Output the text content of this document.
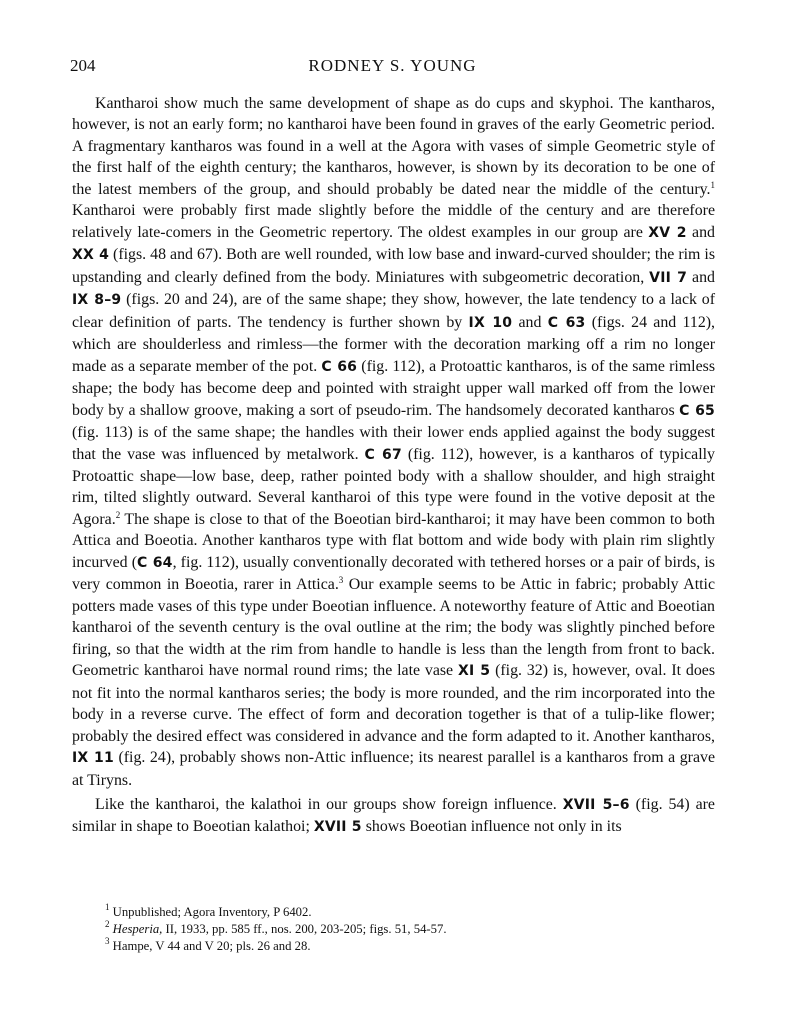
204	RODNEY S. YOUNG

Kantharoi show much the same development of shape as do cups and skyphoi. The kantharos, however, is not an early form; no kantharoi have been found in graves of the early Geometric period. A fragmentary kantharos was found in a well at the Agora with vases of simple Geometric style of the first half of the eighth century; the kantharos, however, is shown by its decoration to be one of the latest members of the group, and should probably be dated near the middle of the century.$^1$ Kantharoi were probably first made slightly before the middle of the century and are therefore relatively late-comers in the Geometric repertory. The oldest examples in our group are XV 2 and XX 4 (figs. 48 and 67). Both are well rounded, with low base and inward-curved shoulder; the rim is upstanding and clearly defined from the body. Miniatures with subgeometric decoration, VII 7 and IX 8–9 (figs. 20 and 24), are of the same shape; they show, however, the late tendency to a lack of clear definition of parts. The tendency is further shown by IX 10 and C 63 (figs. 24 and 112), which are shoulderless and rimless—the former with the decoration marking off a rim no longer made as a separate member of the pot. C 66 (fig. 112), a Protoattic kantharos, is of the same rimless shape; the body has become deep and pointed with straight upper wall marked off from the lower body by a shallow groove, making a sort of pseudo-rim. The handsomely decorated kantharos C 65 (fig. 113) is of the same shape; the handles with their lower ends applied against the body suggest that the vase was influenced by metalwork. C 67 (fig. 112), however, is a kantharos of typically Protoattic shape—low base, deep, rather pointed body with a shallow shoulder, and high straight rim, tilted slightly outward. Several kantharoi of this type were found in the votive deposit at the Agora.$^2$ The shape is close to that of the Boeotian bird-kantharoi; it may have been common to both Attica and Boeotia. Another kantharos type with flat bottom and wide body with plain rim slightly incurved (C 64, fig. 112), usually conventionally decorated with tethered horses or a pair of birds, is very common in Boeotia, rarer in Attica.$^3$ Our example seems to be Attic in fabric; probably Attic potters made vases of this type under Boeotian influence. A noteworthy feature of Attic and Boeotian kantharoi of the seventh century is the oval outline at the rim; the body was slightly pinched before firing, so that the width at the rim from handle to handle is less than the length from front to back. Geometric kantharoi have normal round rims; the late vase XI 5 (fig. 32) is, however, oval. It does not fit into the normal kantharos series; the body is more rounded, and the rim incorporated into the body in a reverse curve. The effect of form and decoration together is that of a tulip-like flower; probably the desired effect was considered in advance and the form adapted to it. Another kantharos, IX 11 (fig. 24), probably shows non-Attic influence; its nearest parallel is a kantharos from a grave at Tiryns.

Like the kantharoi, the kalathoi in our groups show foreign influence. XVII 5–6 (fig. 54) are similar in shape to Boeotian kalathoi; XVII 5 shows Boeotian influence not only in its

$^1$ Unpublished; Agora Inventory, P 6402.
$^2$ Hesperia, II, 1933, pp. 585 ff., nos. 200, 203-205; figs. 51, 54-57.
$^3$ Hampe, V 44 and V 20; pls. 26 and 28.
